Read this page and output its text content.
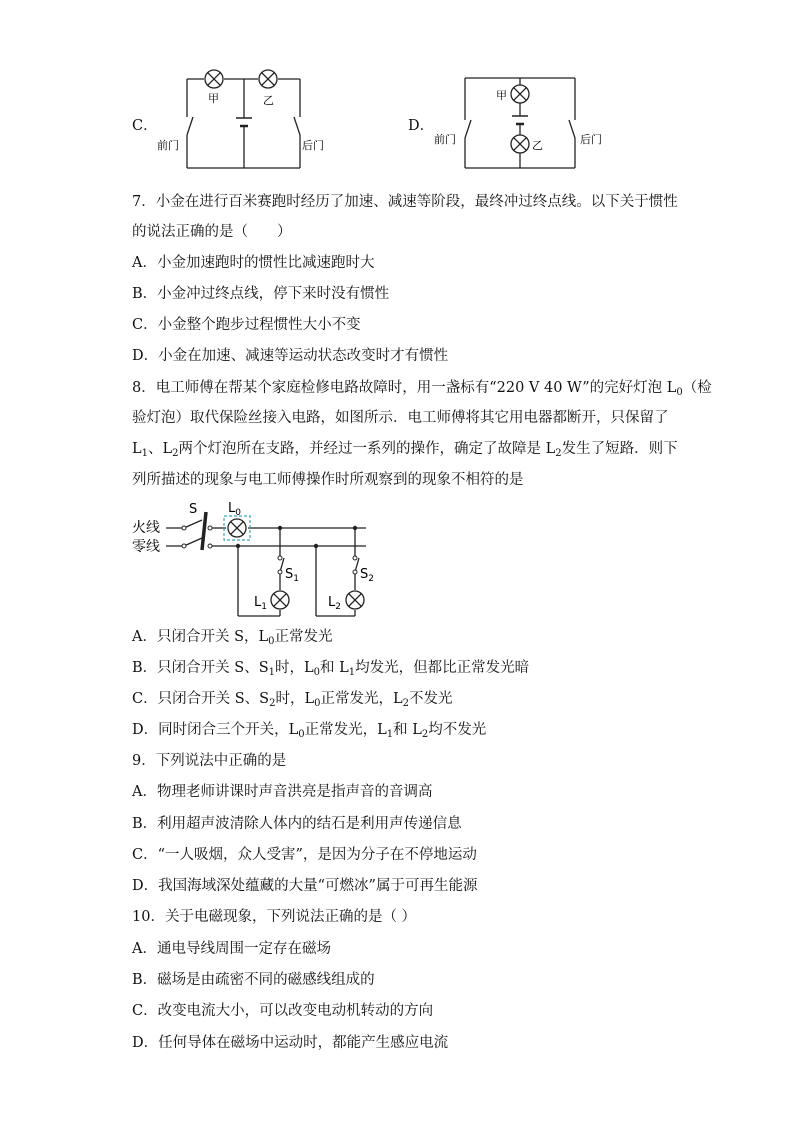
C．
甲	乙
前门	后门
D．
甲
乙
前门	后门
7．小金在进行百米赛跑时经历了加速、减速等阶段，最终冲过终点线。以下关于惯性
的说法正确的是（　　）
A．小金加速跑时的惯性比减速跑时大
B．小金冲过终点线，停下来时没有惯性
C．小金整个跑步过程惯性大小不变
D．小金在加速、减速等运动状态改变时才有惯性
8．电工师傅在帮某个家庭检修电路故障时，用一盏标有“220 V 40 W”的完好灯泡 $L_0$（检
验灯泡）取代保险丝接入电路，如图所示．电工师傅将其它用电器都断开，只保留了
$L_1$、$L_2$两个灯泡所在支路，并经过一系列的操作，确定了故障是 $L_2$发生了短路．则下
列所描述的现象与电工师傅操作时所观察到的现象不相符的是
火线
零线
S $L_0$
$S_1$
$L_1$
$S_2$
$L_2$
A．只闭合开关 S，$L_0$正常发光
B．只闭合开关 S、$S_1$时，$L_0$和 $L_1$均发光，但都比正常发光暗
C．只闭合开关 S、$S_2$时，$L_0$正常发光，$L_2$不发光
D．同时闭合三个开关，$L_0$正常发光，$L_1$和 $L_2$均不发光
9．下列说法中正确的是
A．物理老师讲课时声音洪亮是指声音的音调高
B．利用超声波清除人体内的结石是利用声传递信息
C．“一人吸烟，众人受害”，是因为分子在不停地运动
D．我国海域深处蕴藏的大量“可燃冰”属于可再生能源
10．关于电磁现象，下列说法正确的是（ ）
A．通电导线周围一定存在磁场
B．磁场是由疏密不同的磁感线组成的
C．改变电流大小，可以改变电动机转动的方向
D．任何导体在磁场中运动时，都能产生感应电流
